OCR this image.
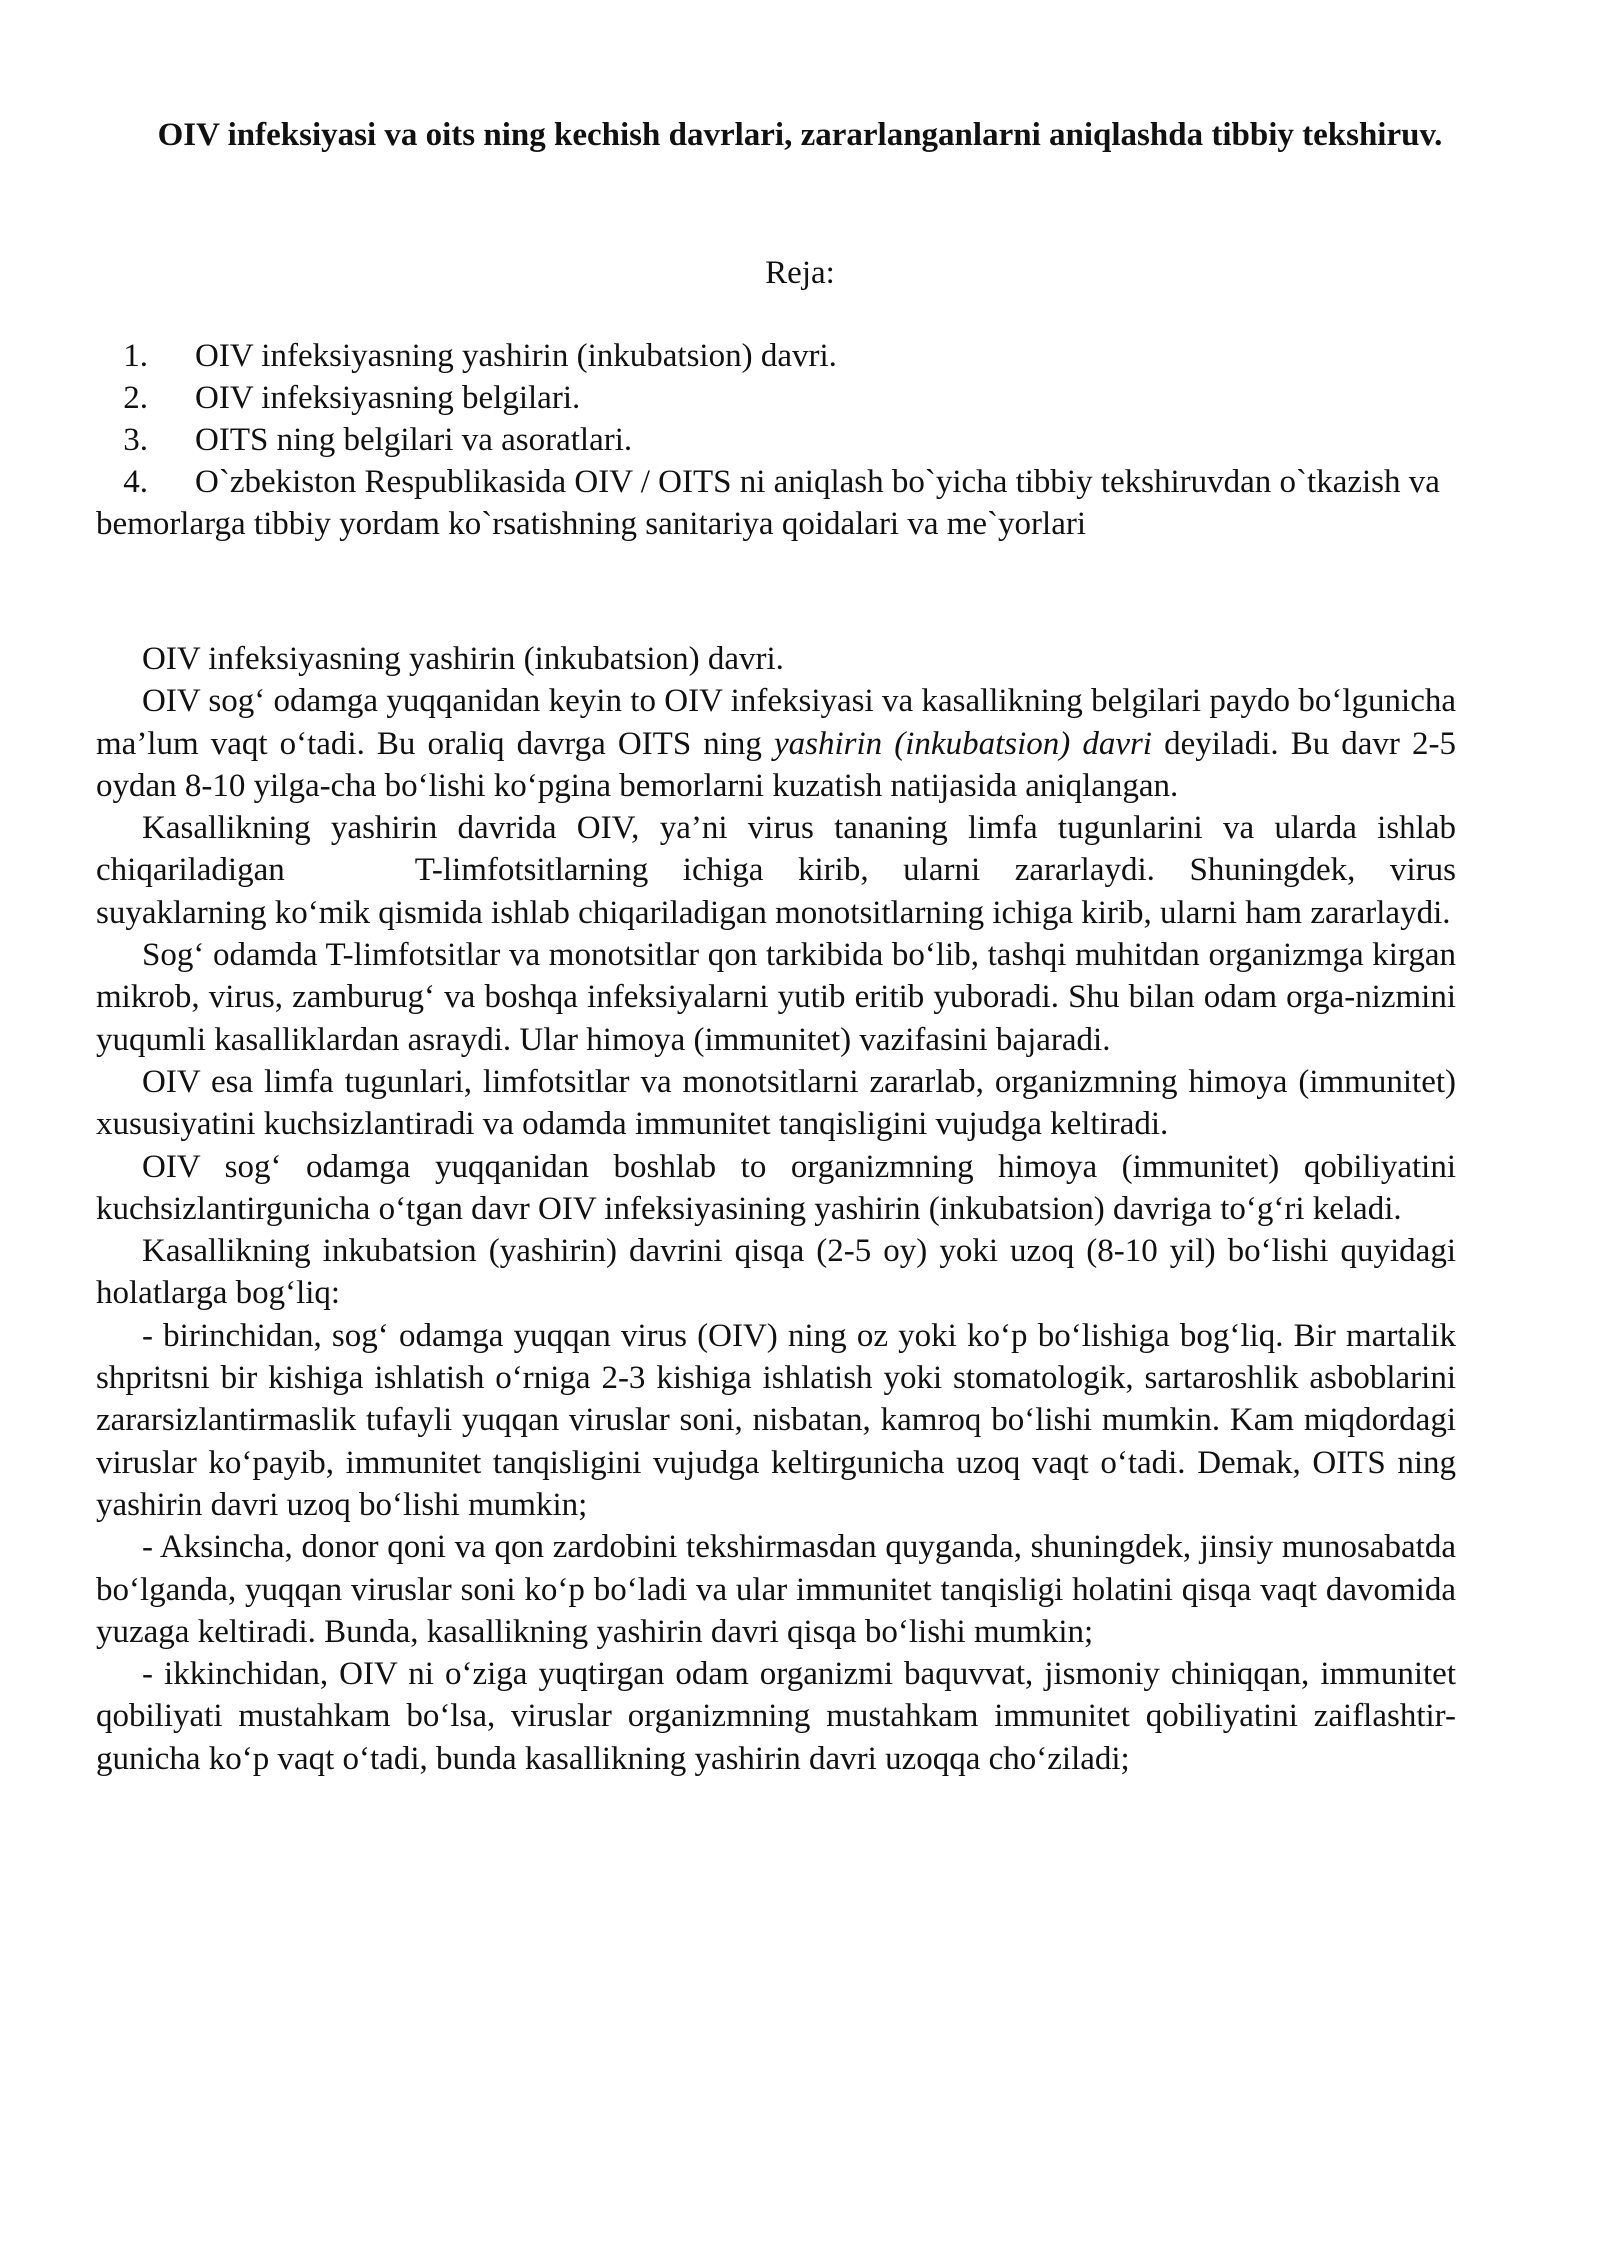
OIV infeksiyasi va oits ning kechish davrlari, zararlanganlarni aniqlashda tibbiy tekshiruv.

Reja:

1. OIV infeksiyasning yashirin (inkubatsion) davri.
2. OIV infeksiyasning belgilari.
3. OITS ning belgilari va asoratlari.
4. O`zbekiston Respublikasida OIV / OITS ni aniqlash bo`yicha tibbiy tekshiruvdan o`tkazish va bemorlarga tibbiy yordam ko`rsatishning sanitariya qoidalari va me`yorlari

OIV infeksiyasning yashirin (inkubatsion) davri.

OIV sog‘ odamga yuqqanidan keyin to OIV infeksiyasi va kasallikning belgilari paydo bo‘lgunicha ma’lum vaqt o‘tadi. Bu oraliq davrga OITS ning yashirin (inkubatsion) davri deyiladi. Bu davr 2-5 oydan 8-10 yilga-cha bo‘lishi ko‘pgina bemorlarni kuzatish natijasida aniqlangan.

Kasallikning yashirin davrida OIV, ya’ni virus tananing limfa tugunlarini va ularda ishlab chiqariladigan	T-limfotsitlarning ichiga kirib, ularni zararlaydi. Shuningdek, virus suyaklarning ko‘mik qismida ishlab chiqariladigan monotsitlarning ichiga kirib, ularni ham zararlaydi.

Sog‘ odamda T-limfotsitlar va monotsitlar qon tarkibida bo‘lib, tashqi muhitdan organizmga kirgan mikrob, virus, zamburug‘ va boshqa infeksiyalarni yutib eritib yuboradi. Shu bilan odam orga-nizmini yuqumli kasalliklardan asraydi. Ular himoya (immunitet) vazifasini bajaradi.

OIV esa limfa tugunlari, limfotsitlar va monotsitlarni zararlab, organizmning himoya (immunitet) xususiyatini kuchsizlantiradi va odamda immunitet tanqisligini vujudga keltiradi.

OIV sog‘ odamga yuqqanidan boshlab to organizmning himoya (immunitet) qobiliyatini kuchsizlantirgunicha o‘tgan davr OIV infeksiyasining yashirin (inkubatsion) davriga to‘g‘ri keladi.

Kasallikning inkubatsion (yashirin) davrini qisqa (2-5 oy) yoki uzoq (8-10 yil) bo‘lishi quyidagi holatlarga bog‘liq:

- birinchidan, sog‘ odamga yuqqan virus (OIV) ning oz yoki ko‘p bo‘lishiga bog‘liq. Bir martalik shpritsni bir kishiga ishlatish o‘rniga 2-3 kishiga ishlatish yoki stomatologik, sartaroshlik asboblarini zararsizlantirmaslik tufayli yuqqan viruslar soni, nisbatan, kamroq bo‘lishi mumkin. Kam miqdordagi viruslar ko‘payib, immunitet tanqisligini vujudga keltirgunicha uzoq vaqt o‘tadi. Demak, OITS ning yashirin davri uzoq bo‘lishi mumkin;

- Aksincha, donor qoni va qon zardobini tekshirmasdan quyganda, shuningdek, jinsiy munosabatda bo‘lganda, yuqqan viruslar soni ko‘p bo‘ladi va ular immunitet tanqisligi holatini qisqa vaqt davomida yuzaga keltiradi. Bunda, kasallikning yashirin davri qisqa bo‘lishi mumkin;

- ikkinchidan, OIV ni o‘ziga yuqtirgan odam organizmi baquvvat, jismoniy chiniqqan, immunitet qobiliyati mustahkam bo‘lsa, viruslar organizmning mustahkam immunitet qobiliyatini zaiflashtir-gunicha ko‘p vaqt o‘tadi, bunda kasallikning yashirin davri uzoqqa cho‘ziladi;
